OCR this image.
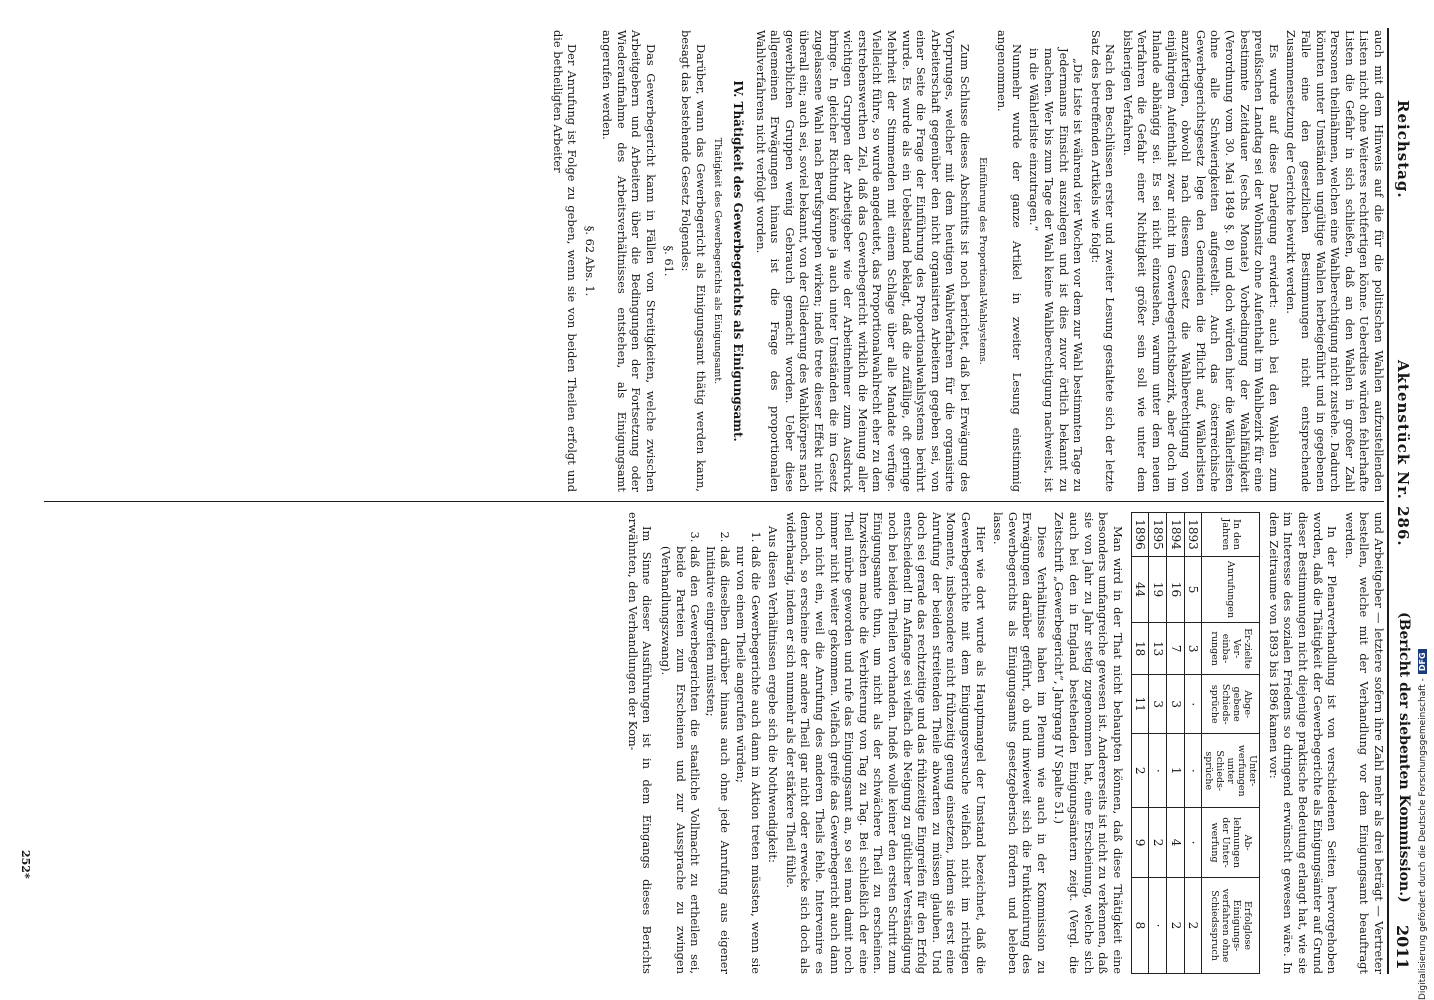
Reichstag.
Aktenstück Nr. 286.
(Bericht der siebenten Kommission.)
2011

auch mit dem Hinweis auf die für die politischen Wahlen aufzustellenden Listen nicht ohne Weiteres rechtfertigen könne. Ueberdies würden fehlerhafte Listen die Gefahr in sich schließen, daß an den Wahlen in großer Zahl Personen theilnähmen, welchen eine Wahlberechtigung nicht zustehe. Dadurch könnten unter Umständen ungültige Wahlen herbeigeführt und in gegebenen Falle eine den gesetzlichen Bestimmungen nicht entsprechende Zusammensetzung der Gerichte bewirkt werden.

Es wurde auf diese Darlegung erwidert: auch bei den Wahlen zum preußischen Landtag sei der Wohnsitz ohne Aufenthalt im Wahlbezirk für eine bestimmte Zeitdauer (sechs Monate) Vorbedingung der Wahlfähigkeit (Verordnung vom 30. Mai 1849 §. 8) und doch würden hier die Wählerlisten ohne alle Schwierigkeiten aufgestellt. Auch das österreichische Gewerbegerichtsgesetz lege den Gemeinden die Pflicht auf, Wählerlisten anzufertigen, obwohl nach diesem Gesetz die Wahlberechtigung von einjährigem Aufenthalt zwar nicht im Gewerbegerichtsbezirk, aber doch im Inlande abhängig sei. Es sei nicht einzusehen, warum unter dem neuen Verfahren die Gefahr einer Nichtigkeit größer sein soll wie unter dem bisherigen Verfahren.

Nach den Beschlüssen erster und zweiter Lesung gestaltete sich der letzte Satz des betreffenden Artikels wie folgt:

„Die Liste ist während vier Wochen vor dem zur Wahl bestimmten Tage zu Jedermanns Einsicht auszulegen und ist dies zuvor örtlich bekannt zu machen. Wer bis zum Tage der Wahl keine Wahlberechtigung nachweist, ist in die Wählerliste einzutragen.“

Nunmehr wurde der ganze Artikel in zweiter Lesung einstimmig angenommen.

Einführung des Proportional-Wahlsystems.

Zum Schlusse dieses Abschnitts ist noch berichtet, daß bei Erwägung des Vorprunges, welcher mit dem heutigen Wahlverfahren für die organisirte Arbeiterschaft gegenüber den nicht organisirten Arbeitern gegeben sei, von einer Seite die Frage der Einführung des Proportionalwahlsystems berührt wurde. Es wurde als ein Uebelstand beklagt, daß die zufällige, oft geringe Mehrheit der Stimmenden mit einem Schlage über alle Mandate verfüge. Vielleicht führe, so wurde angedeutet, das Proportionalwahlrecht eher zu dem erstrebenswerthen Ziel, daß das Gewerbegericht wirklich die Meinung aller wichtigen Gruppen der Arbeitgeber wie der Arbeitnehmer zum Ausdruck bringe. In gleicher Richtung könne ja auch unter Umständen die im Gesetz zugelassene Wahl nach Berufsgruppen wirken; indeß trete dieser Effekt nicht überall ein; auch sei, soviel bekannt, von der Gliederung des Wahlkörpers nach gewerblichen Gruppen wenig Gebrauch gemacht worden. Ueber diese allgemeinen Erwägungen hinaus ist die Frage des proportionalen Wahlverfahrens nicht verfolgt worden.

IV. Thätigkeit des Gewerbegerichts als Einigungsamt.

Thätigkeit des Gewerbegerichts als Einigungsamt.

Darüber, wann das Gewerbegericht als Einigungsamt thätig werden kann, besagt das bestehende Gesetz Folgendes:

§. 61.

Das Gewerbegericht kann in Fällen von Streitigkeiten, welche zwischen Arbeitgebern und Arbeitern über die Bedingungen der Fortsetzung oder Wiederaufnahme des Arbeitsverhältnisses entstehen, als Einigungsamt angerufen werden.

§. 62 Abs. 1.

Der Anrufung ist Folge zu geben, wenn sie von beiden Theilen erfolgt und die betheiligten Arbeiter

und Arbeitgeber — letztere sofern ihre Zahl mehr als drei beträgt — Vertreter bestellen, welche mit der Verhandlung vor dem Einigungsamt beauftragt werden.

In der Plenarverhandlung ist von verschiedenen Seiten hervorgehoben worden, daß die Thätigkeit der Gewerbegerichte als Einigungsämter auf Grund dieser Bestimmungen nicht diejenige praktische Bedeutung erlangt hat, wie sie im Interesse des sozialen Friedens so dringend erwünscht gewesen wäre. In dem Zeitraume von 1893 bis 1896 kamen vor:

In den Jahren	Anrufungen	Er-zielte Ver-einba-rungen	Abge-gebene Schieds-sprüche	Unter-werfungen unter Schieds-sprüche	Ab-lehnungen der Unter-werfung	Erfolglose Einigungs-verfahren ohne Schiedsspruch
1893	5	3	·	·	·	2
1894	16	7	3	1	4	2
1895	19	13	3	·	2	·
1896	44	18	11	2	9	8

Man wird in der That nicht behaupten können, daß diese Thätigkeit eine besonders umfangreiche gewesen ist. Andererseits ist nicht zu verkennen, daß sie von Jahr zu Jahr stetig zugenommen hat, eine Erscheinung, welche sich auch bei den in England bestehenden Einigungsämtern zeigt. (Vergl. die Zeitschrift „Gewerbegericht“, Jahrgang IV Spalte 51.)

Diese Verhältnisse haben im Plenum wie auch in der Kommission zu Erwägungen darüber geführt, ob und inwieweit sich die Funktionirung des Gewerbegerichts als Einigungsamts gesetzgeberisch fördern und beleben lasse.

Hier wie dort wurde als Hauptmangel der Umstand bezeichnet, daß die Gewerbegerichte mit dem Einigungsversuche vielfach nicht im richtigen Momente, insbesondere nicht frühzeitig genug einsetzen, indem sie erst eine Anrufung der beiden streitenden Theile abwarten zu müssen glauben. Und doch sei gerade das rechtzeitige und das frühzeitige Eingreifen für den Erfolg entscheidend! Im Anfange sei vielfach die Neigung zu gütlicher Verständigung noch bei beiden Theilen vorhanden. Indeß wolle keiner den ersten Schritt zum Einigungsamte thun, um nicht als der schwächere Theil zu erscheinen. Inzwischen mache die Verbitterung von Tag zu Tag. Bei schließlich der eine Theil mürbe geworden und rufe das Einigungsamt an, so sei man damit noch immer nicht weiter gekommen. Vielfach greife das Gewerbegericht auch dann noch nicht ein, weil die Anrufung des anderen Theils fehle. Intervenire es dennoch, so erscheine der andere Theil gar nicht oder erwecke sich doch als widerhaarig, indem er sich nunmehr als der stärkere Theil fühle.

Aus diesen Verhältnissen ergebe sich die Nothwendigkeit:

1. daß die Gewerbegerichte auch dann in Aktion treten müssten, wenn sie nur von einem Theile angerufen würden;
2. daß dieselben darüber hinaus auch ohne jede Anrufung aus eigener Initiative eingreifen müssten;
3. daß den Gewerbegerichten die staatliche Vollmacht zu ertheilen sei, beide Parteien zum Erscheinen und zur Aussprache zu zwingen (Verhandlungszwang).

Im Sinne dieser Ausführungen ist in dem Eingangs dieses Berichts erwähnten, den Verhandlungen der Kom-

252*	Digitalisierung gefördert durch die Deutsche Forschungsgemeinschaft -DFG
